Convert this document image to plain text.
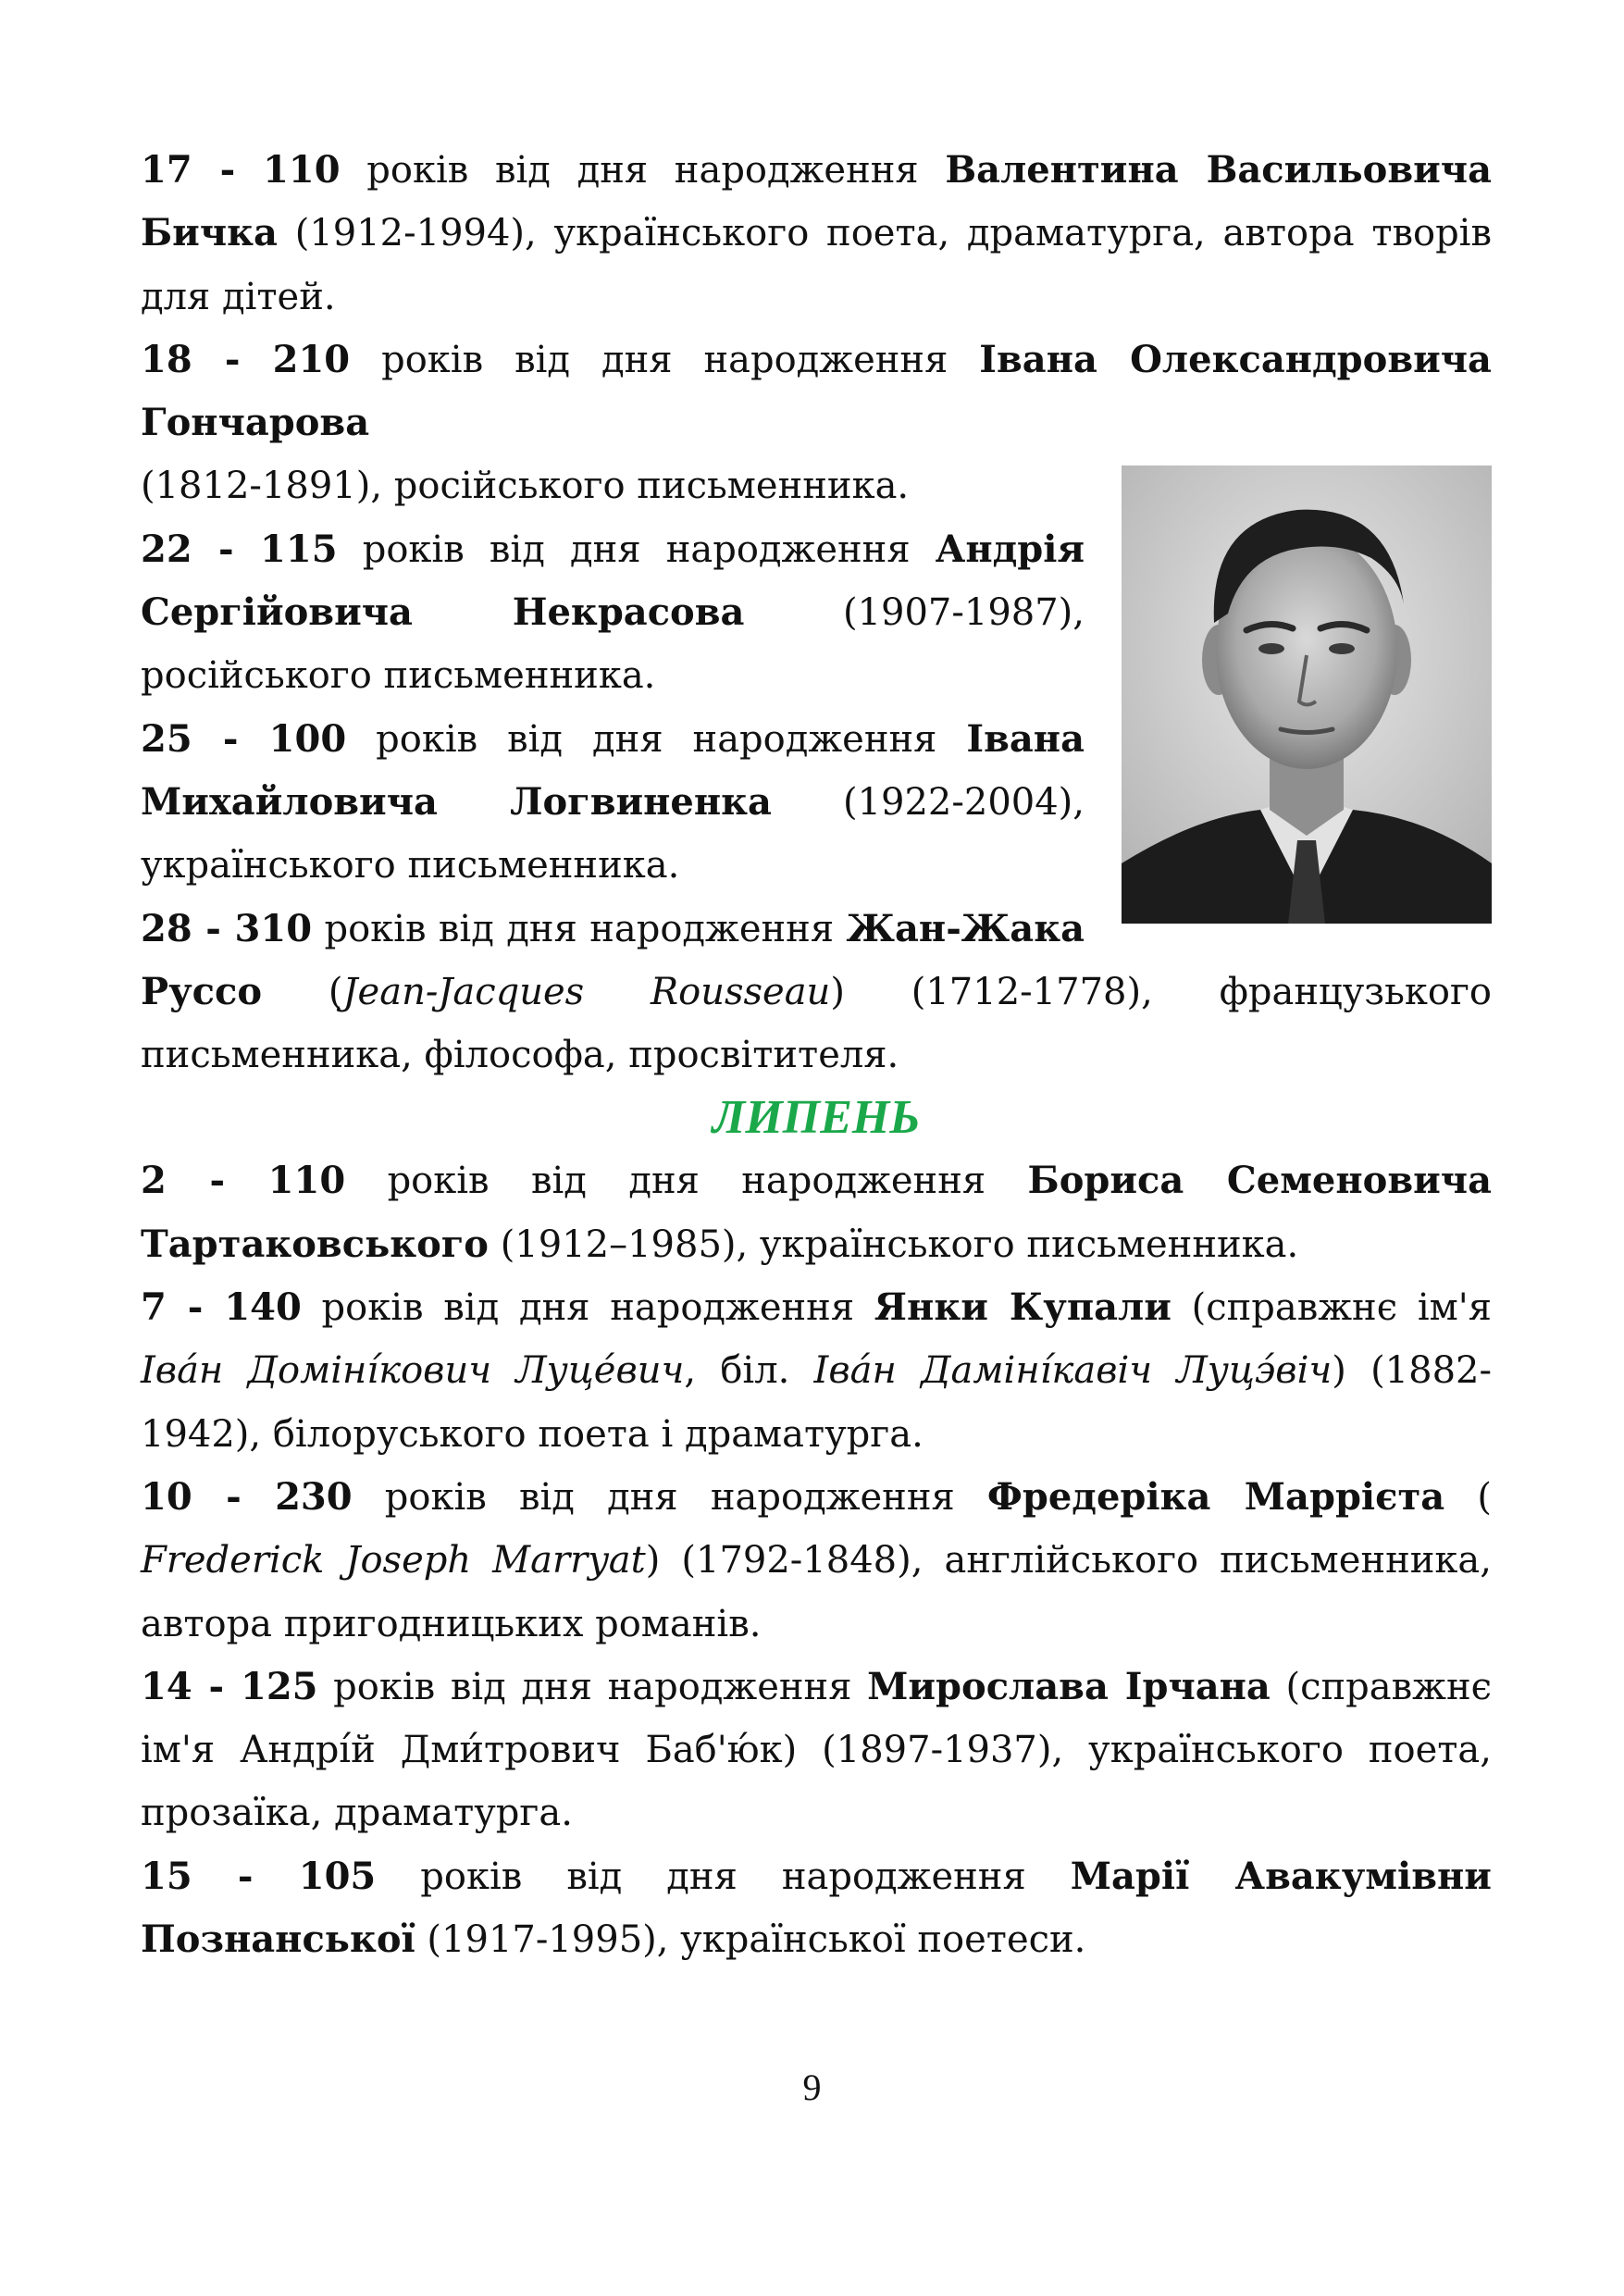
17 - 110 років від дня народження Валентина Васильовича Бичка (1912-1994), українського поета, драматурга, автора творів для дітей.

18 - 210 років від дня народження Івана Олександровича Гончарова

(1812-1891), російського письменника.

22 - 115 років від дня народження Андрія Сергійовича Некрасова (1907-1987), російського письменника.

25 - 100 років від дня народження Івана Михайловича Логвиненка (1922-2004), українського письменника.

28 - 310 років від дня народження Жан-Жака Руссо (Jean-Jacques Rousseau) (1712-1778), французького письменника, філософа, просвітителя.

ЛИПЕНЬ

2 - 110 років від дня народження Бориса Семеновича Тартаковського (1912–1985), українського письменника.

7 - 140 років від дня народження Янки Купали (справжнє ім'я Іва́н Доміні́кович Луце́вич, біл. Іва́н Даміні́кавіч Луцэ́віч) (1882-1942), білоруського поета і драматурга.

10 - 230 років від дня народження Фредеріка Маррієта ( Frederick Joseph Marryat) (1792-1848), англійського письменника, автора пригодницьких романів.

14 - 125 років від дня народження Мирослава Ірчана (справжнє ім'я Андрі́й Дми́трович Баб'ю́к) (1897-1937), українського поета, прозаїка, драматурга.

15 - 105 років від дня народження Марії Авакумівни Познанської (1917-1995), української поетеси.

9
